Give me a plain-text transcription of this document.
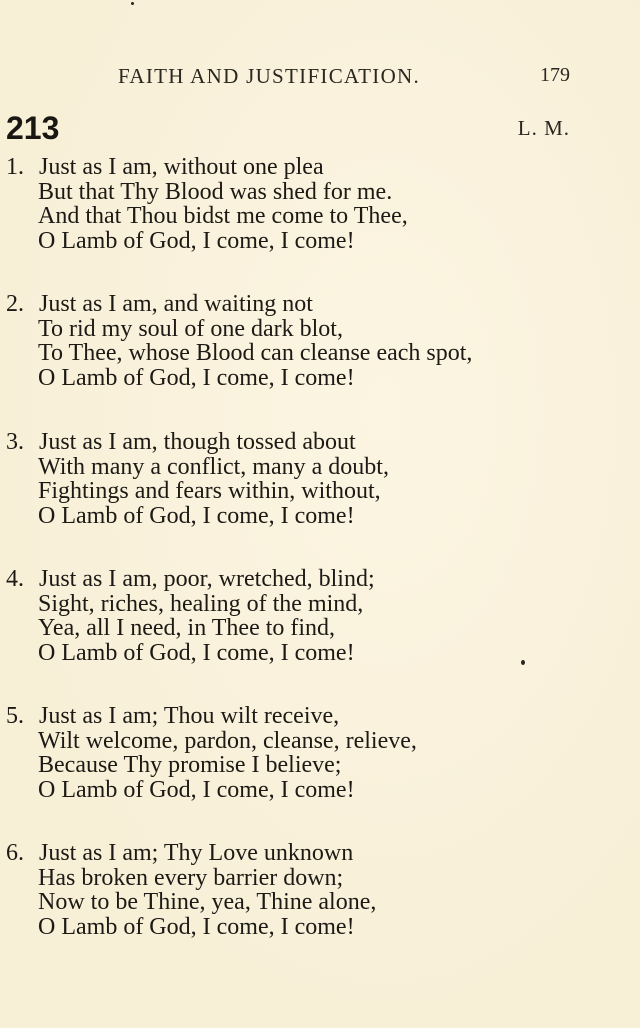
FAITH AND JUSTIFICATION.	179
213	L. M.
1. Just as I am, without one plea
But that Thy Blood was shed for me.
And that Thou bidst me come to Thee,
O Lamb of God, I come, I come!
2. Just as I am, and waiting not
To rid my soul of one dark blot,
To Thee, whose Blood can cleanse each spot,
O Lamb of God, I come, I come!
3. Just as I am, though tossed about
With many a conflict, many a doubt,
Fightings and fears within, without,
O Lamb of God, I come, I come!
4. Just as I am, poor, wretched, blind;
Sight, riches, healing of the mind,
Yea, all I need, in Thee to find,
O Lamb of God, I come, I come!
5. Just as I am; Thou wilt receive,
Wilt welcome, pardon, cleanse, relieve,
Because Thy promise I believe;
O Lamb of God, I come, I come!
6. Just as I am; Thy Love unknown
Has broken every barrier down;
Now to be Thine, yea, Thine alone,
O Lamb of God, I come, I come!
